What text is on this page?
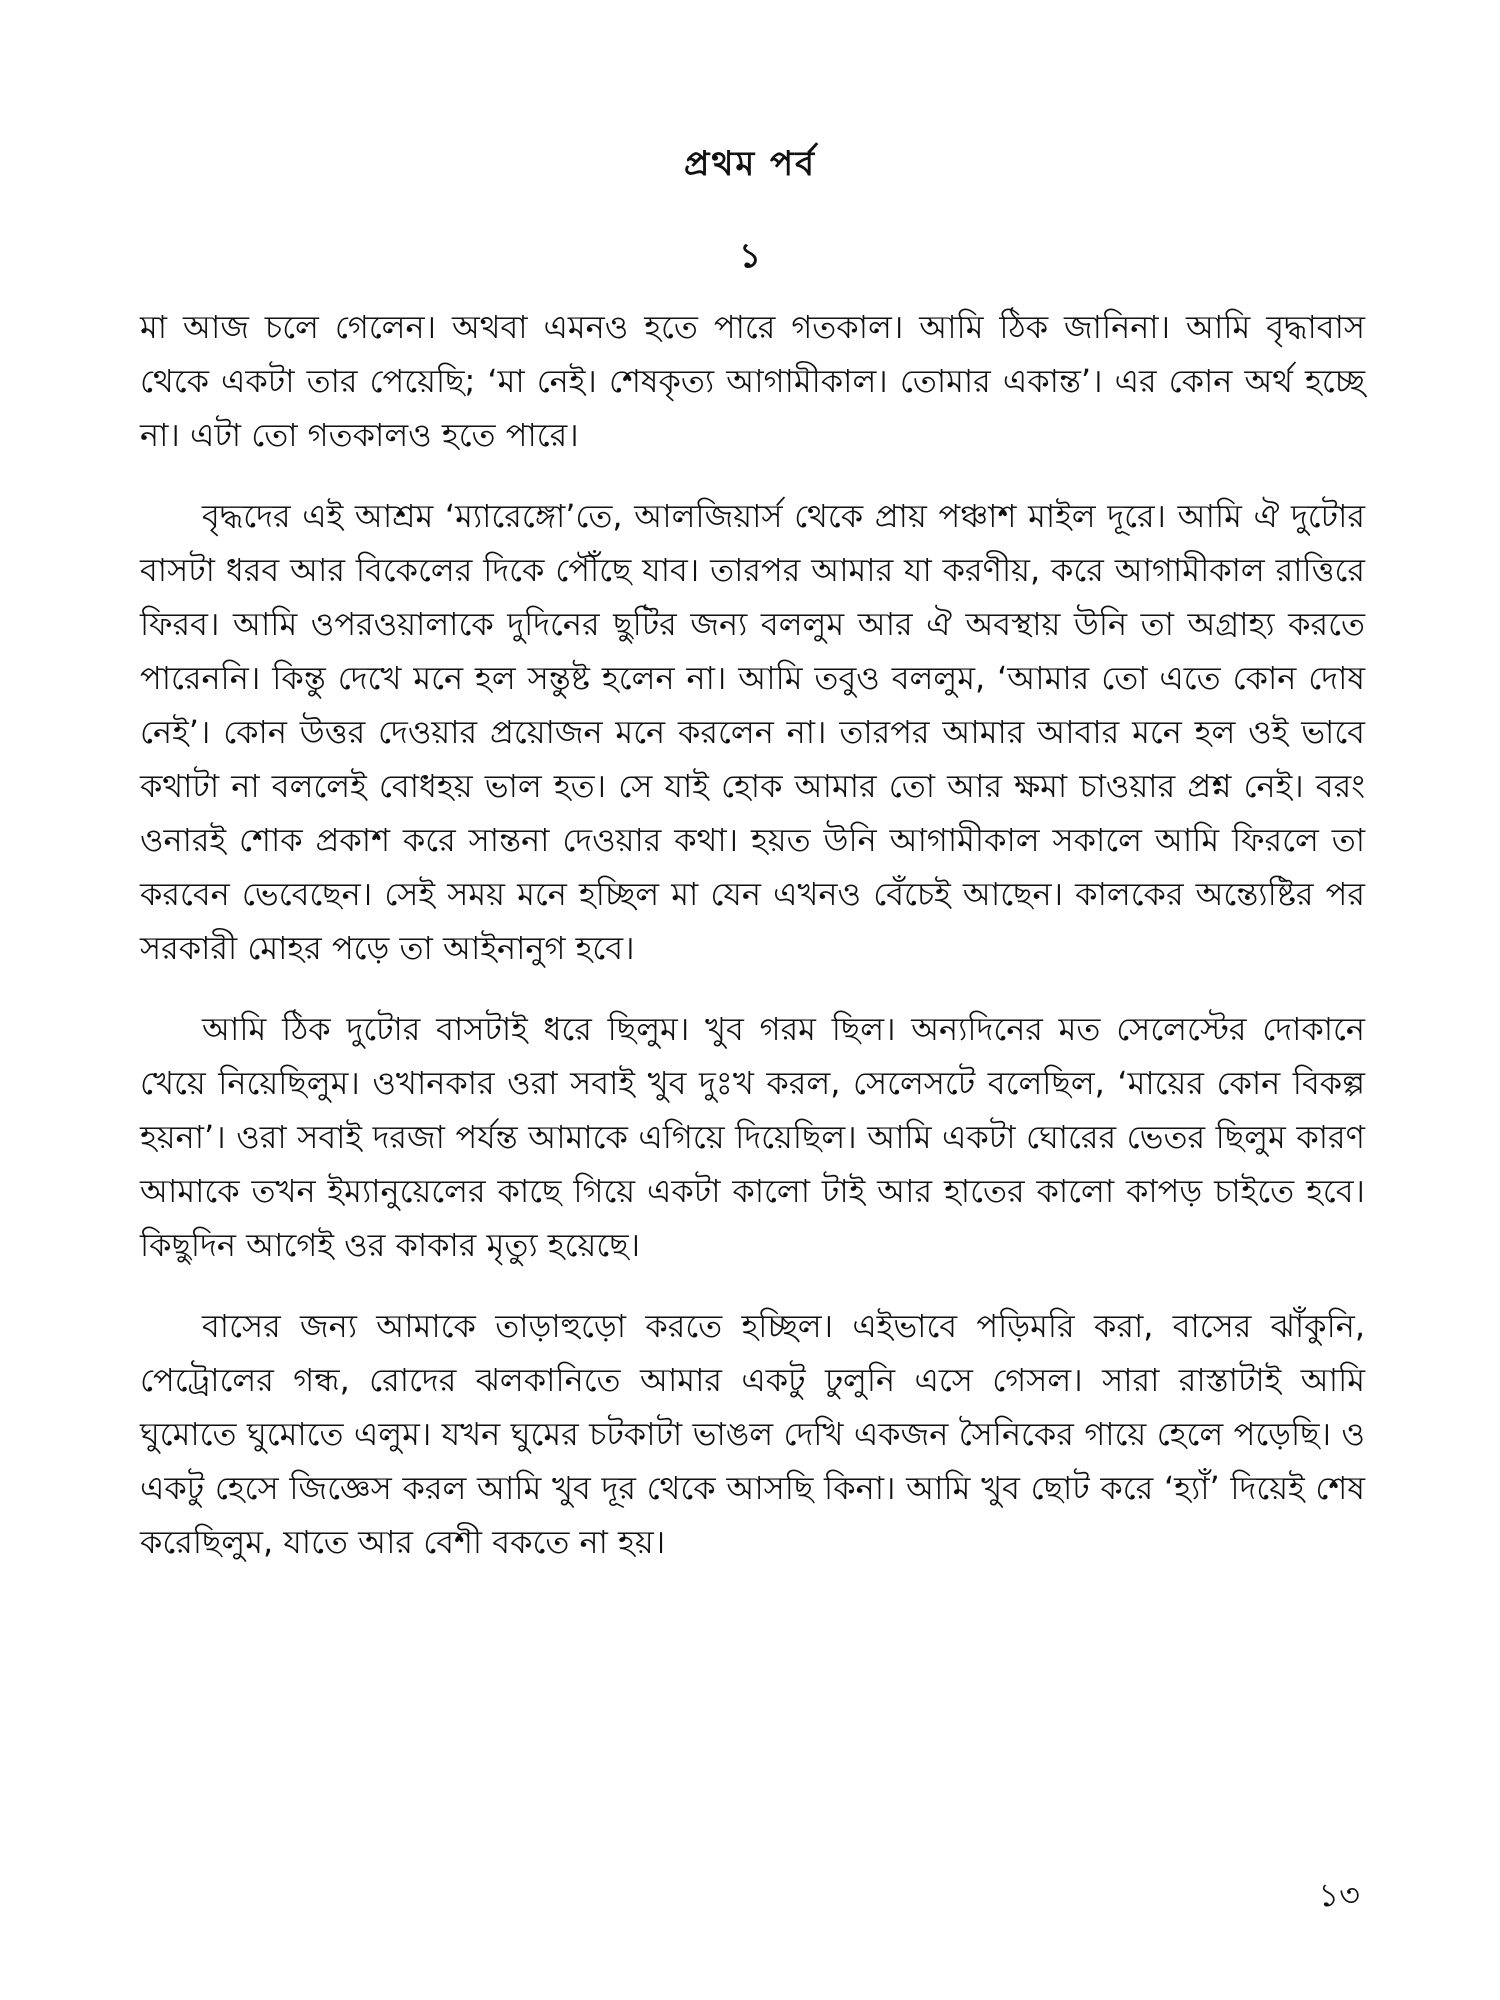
প্রথম পর্ব
১

মা আজ চলে গেলেন। অথবা এমনও হতে পারে গতকাল। আমি ঠিক জানিনা। আমি বৃদ্ধাবাস থেকে একটা তার পেয়েছি; ‘মা নেই। শেষকৃত্য আগামীকাল। তোমার একান্ত’। এর কোন অর্থ হচ্ছে না। এটা তো গতকালও হতে পারে।

বৃদ্ধদের এই আশ্রম ‘ম্যারেঙ্গো’তে, আলজিয়ার্স থেকে প্রায় পঞ্চাশ মাইল দূরে। আমি ঐ দুটোর বাসটা ধরব আর বিকেলের দিকে পৌঁছে যাব। তারপর আমার যা করণীয়, করে আগামীকাল রাত্তিরে ফিরব। আমি ওপরওয়ালাকে দুদিনের ছুটির জন্য বললুম আর ঐ অবস্থায় উনি তা অগ্রাহ্য করতে পারেননি। কিন্তু দেখে মনে হল সন্তুষ্ট হলেন না। আমি তবুও বললুম, ‘আমার তো এতে কোন দোষ নেই’। কোন উত্তর দেওয়ার প্রয়োজন মনে করলেন না। তারপর আমার আবার মনে হল ওই ভাবে কথাটা না বললেই বোধহয় ভাল হত। সে যাই হোক আমার তো আর ক্ষমা চাওয়ার প্রশ্ন নেই। বরং ওনারই শোক প্রকাশ করে সান্তনা দেওয়ার কথা। হয়ত উনি আগামীকাল সকালে আমি ফিরলে তা করবেন ভেবেছেন। সেই সময় মনে হচ্ছিল মা যেন এখনও বেঁচেই আছেন। কালকের অন্ত্যেষ্টির পর সরকারী মোহর পড়ে তা আইনানুগ হবে।

আমি ঠিক দুটোর বাসটাই ধরে ছিলুম। খুব গরম ছিল। অন্যদিনের মত সেলেস্টের দোকানে খেয়ে নিয়েছিলুম। ওখানকার ওরা সবাই খুব দুঃখ করল, সেলেসটে বলেছিল, ‘মায়ের কোন বিকল্প হয়না’। ওরা সবাই দরজা পর্যন্ত আমাকে এগিয়ে দিয়েছিল। আমি একটা ঘোরের ভেতর ছিলুম কারণ আমাকে তখন ইম্যানুয়েলের কাছে গিয়ে একটা কালো টাই আর হাতের কালো কাপড় চাইতে হবে। কিছুদিন আগেই ওর কাকার মৃত্যু হয়েছে।

বাসের জন্য আমাকে তাড়াহুড়ো করতে হচ্ছিল। এইভাবে পড়িমরি করা, বাসের ঝাঁকুনি, পেট্রোলের গন্ধ, রোদের ঝলকানিতে আমার একটু ঢুলুনি এসে গেসল। সারা রাস্তাটাই আমি ঘুমোতে ঘুমোতে এলুম। যখন ঘুমের চটকাটা ভাঙল দেখি একজন সৈনিকের গায়ে হেলে পড়েছি। ও একটু হেসে জিজ্ঞেস করল আমি খুব দূর থেকে আসছি কিনা। আমি খুব ছোট করে ‘হ্যাঁ’ দিয়েই শেষ করেছিলুম, যাতে আর বেশী বকতে না হয়।

১৩
